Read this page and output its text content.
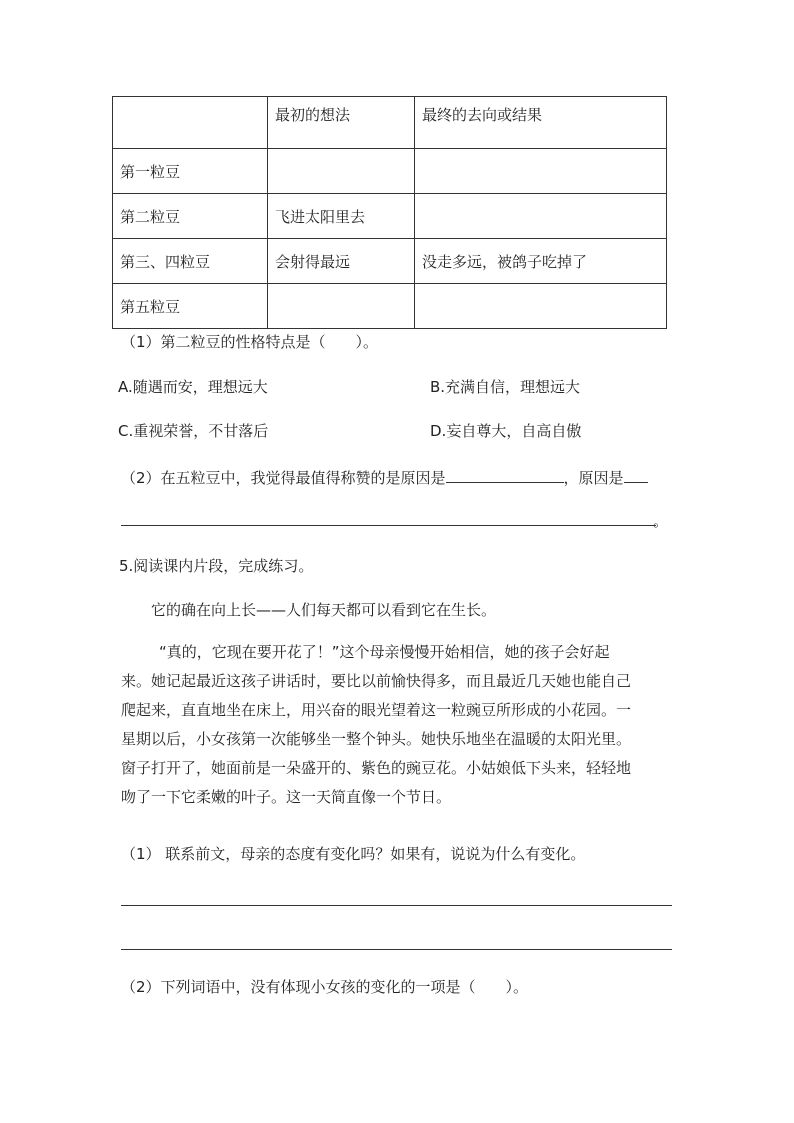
	最初的想法	最终的去向或结果
第一粒豆		
第二粒豆	飞进太阳里去	
第三、四粒豆	会射得最远	没走多远，被鸽子吃掉了
第五粒豆		
（1）第二粒豆的性格特点是（　　）。
A.随遇而安，理想远大	B.充满自信，理想远大
C.重视荣誉，不甘落后	D.妄自尊大，自高自傲
（2）在五粒豆中，我觉得最值得称赞的是原因是	，原因是
。
5.阅读课内片段，完成练习。
它的确在向上长——人们每天都可以看到它在生长。

“真的，它现在要开花了！”这个母亲慢慢开始相信，她的孩子会好起

来。她记起最近这孩子讲话时，要比以前愉快得多，而且最近几天她也能自己

爬起来，直直地坐在床上，用兴奋的眼光望着这一粒豌豆所形成的小花园。一

星期以后，小女孩第一次能够坐一整个钟头。她快乐地坐在温暖的太阳光里。

窗子打开了，她面前是一朵盛开的、紫色的豌豆花。小姑娘低下头来，轻轻地

吻了一下它柔嫩的叶子。这一天简直像一个节日。

（1） 联系前文，母亲的态度有变化吗？如果有，说说为什么有变化。
（2）下列词语中，没有体现小女孩的变化的一项是（　　）。
